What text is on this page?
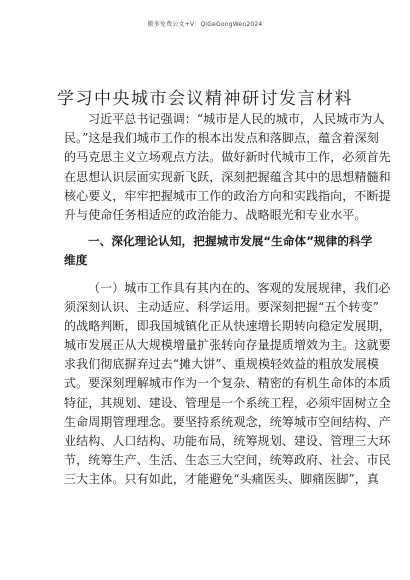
搬多免费公文+V：QiGeGongWen2024
学习中央城市会议精神研讨发言材料
习近平总书记强调：“城市是人民的城市，人民城市为人
民。”这是我们城市工作的根本出发点和落脚点，蕴含着深刻
的马克思主义立场观点方法。做好新时代城市工作，必须首先
在思想认识层面实现新飞跃，深刻把握蕴含其中的思想精髓和
核心要义，牢牢把握城市工作的政治方向和实践指向，不断提
升与使命任务相适应的政治能力、战略眼光和专业水平。
一、深化理论认知，把握城市发展“生命体”规律的科学
维度
（一）城市工作具有其内在的、客观的发展规律，我们必
须深刻认识、主动适应、科学运用。要深刻把握“五个转变”
的战略判断，即我国城镇化正从快速增长期转向稳定发展期，
城市发展正从大规模增量扩张转向存量提质增效为主。这就要
求我们彻底摒弃过去“摊大饼”、重规模轻效益的粗放发展模
式。要深刻理解城市作为一个复杂、精密的有机生命体的本质
特征，其规划、建设、管理是一个系统工程，必须牢固树立全
生命周期管理理念。要坚持系统观念，统筹城市空间结构、产
业结构、人口结构、功能布局，统筹规划、建设、管理三大环
节，统筹生产、生活、生态三大空间，统筹政府、社会、市民
三大主体。只有如此，才能避免“头痛医头、脚痛医脚”，真
